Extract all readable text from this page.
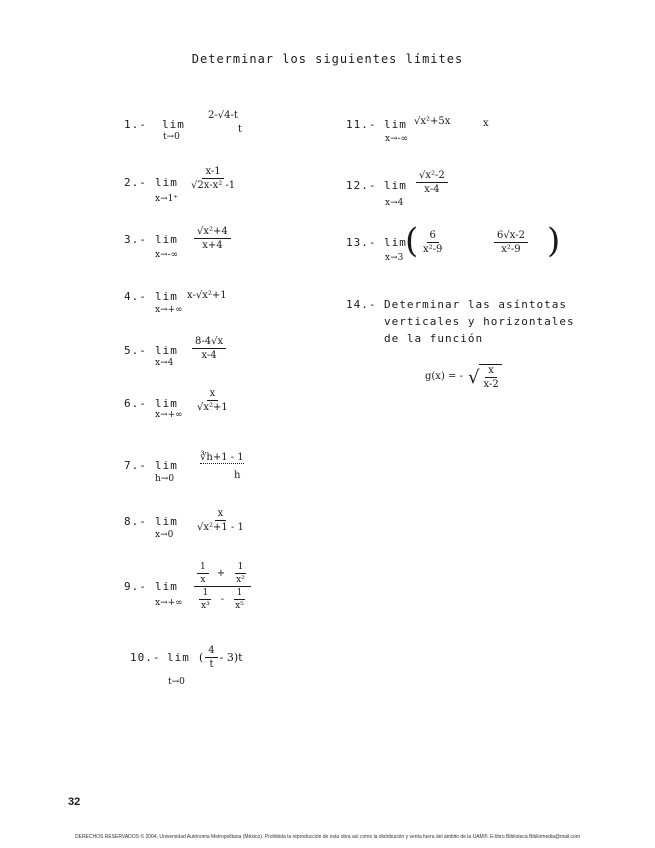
Determinar los siguientes límites
1.- lim
t→0
2-√4-t
t
2.- lim
x→1⁺
$\frac{x-1}{\text{√2x-x² -1}}$
3.- lim
x→-∞
$\frac{\text{√x²+4}}{x+4}$
4.- lim
x→+∞
x-√x²+1
5.- lim
x→4
$\frac{8-4√x}{x-4}$
6.- lim
x→+∞
$\frac{x}{\text{√x²+1}}$
7.- lim
h→0
∛h+1 - 1
h
8.- lim
x→0
$\frac{x}{\text{√x²+1 - 1}}$
9.- lim
$x\to+\infty \frac{\frac{1}{x} + \frac{1}{\text{x²}}}{\frac{1}{\text{x³}} - \frac{1}{\text{x⁵}}}$
10.- lim
t→0
( $\frac{4}{t} - 3)t$
11.- lim
x→-∞
√x²+5x	x
12.- lim
x→4
$\frac{\text{√x²-2}}{x-4}$
13.- lim
x→3 ( $\frac{6}{\text{x²-9}}$	$\frac{6√x-2}{\text{x²-9}}$ )
14.- Determinar las asíntotas
verticales y horizontales
de la función
g(x) = - √ $\frac{x}{x-2}$
32
DERECHOS RESERVADOS © 2004, Universidad Autónoma Metropolitana (México). Prohibida la reproducción de esta obra así como la distribución y venta fuera del ámbito de la UAM®. E-libro Biblioteca Bibliomedia@mail.com
